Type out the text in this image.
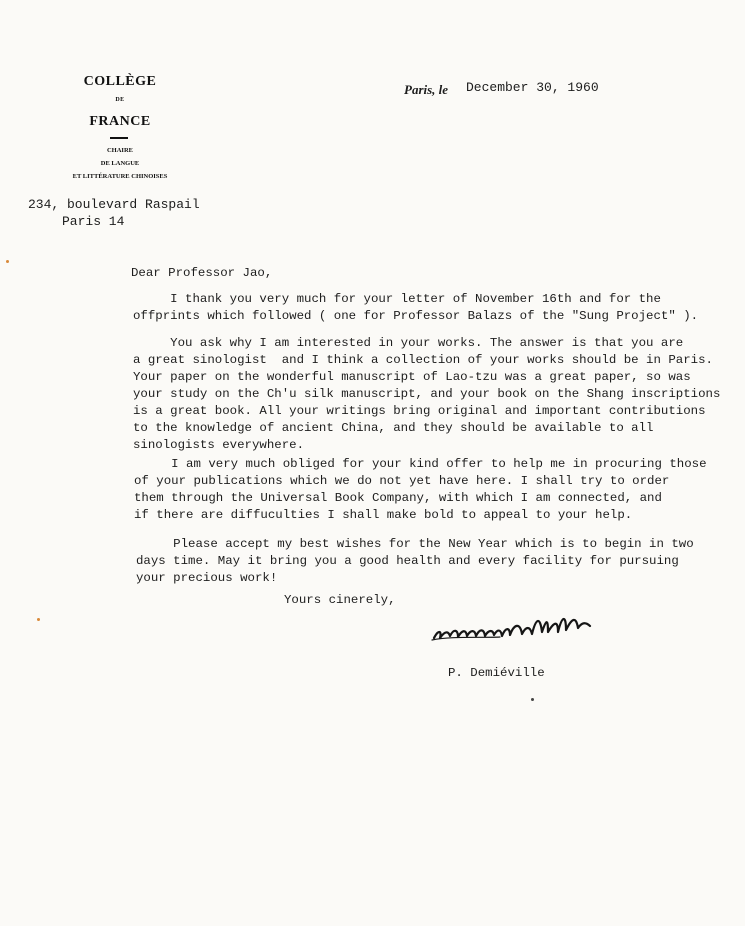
COLLÈGE
DE
FRANCE
CHAIRE
DE LANGUE
ET LITTÉRATURE CHINOISES
234, boulevard Raspail
Paris 14
Paris, le December 30, 1960
Dear Professor Jao,
I thank you very much for your letter of November 16th and for the
offprints which followed ( one for Professor Balazs of the "Sung Project" ).
You ask why I am interested in your works. The answer is that you are
a great sinologist  and I think a collection of your works should be in Paris.
Your paper on the wonderful manuscript of Lao-tzu was a great paper, so was
your study on the Ch'u silk manuscript, and your book on the Shang inscriptions
is a great book. All your writings bring original and important contributions
to the knowledge of ancient China, and they should be available to all
sinologists everywhere.
I am very much obliged for your kind offer to help me in procuring those
of your publications which we do not yet have here. I shall try to order
them through the Universal Book Company, with which I am connected, and
if there are diffuculties I shall make bold to appeal to your help.
Please accept my best wishes for the New Year which is to begin in two
days time. May it bring you a good health and every facility for pursuing
your precious work!
Yours cinerely,
P. Demiéville
